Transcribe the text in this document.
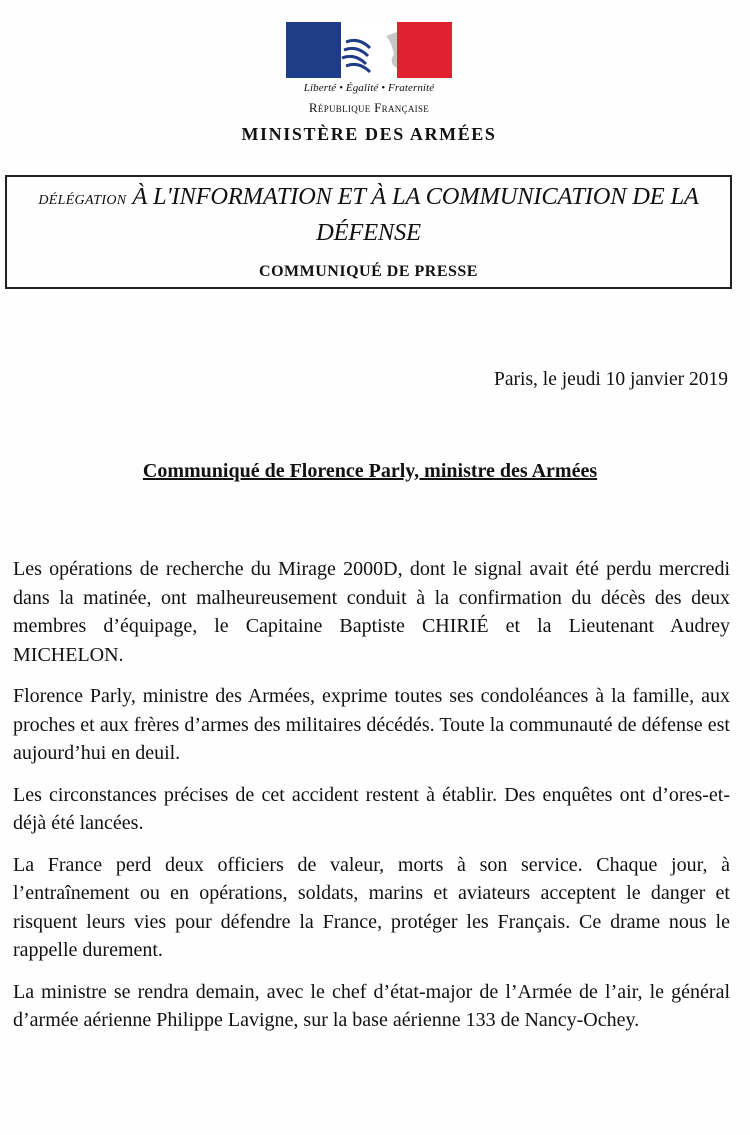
Liberté • Égalité • Fraternité
République Française
MINISTÈRE DES ARMÉES
DÉLÉGATION À L'INFORMATION ET À LA COMMUNICATION DE LA DÉFENSE
COMMUNIQUÉ DE PRESSE
Paris, le jeudi 10 janvier 2019
Communiqué de Florence Parly, ministre des Armées

Les opérations de recherche du Mirage 2000D, dont le signal avait été perdu mercredi dans la matinée, ont malheureusement conduit à la confirmation du décès des deux membres d’équipage, le Capitaine Baptiste CHIRIÉ et la Lieutenant Audrey MICHELON.

Florence Parly, ministre des Armées, exprime toutes ses condoléances à la famille, aux proches et aux frères d’armes des militaires décédés. Toute la communauté de défense est aujourd’hui en deuil.

Les circonstances précises de cet accident restent à établir. Des enquêtes ont d’ores-et-déjà été lancées.

La France perd deux officiers de valeur, morts à son service. Chaque jour, à l’entraînement ou en opérations, soldats, marins et aviateurs acceptent le danger et risquent leurs vies pour défendre la France, protéger les Français. Ce drame nous le rappelle durement.

La ministre se rendra demain, avec le chef d’état-major de l’Armée de l’air, le général d’armée aérienne Philippe Lavigne, sur la base aérienne 133 de Nancy-Ochey.
